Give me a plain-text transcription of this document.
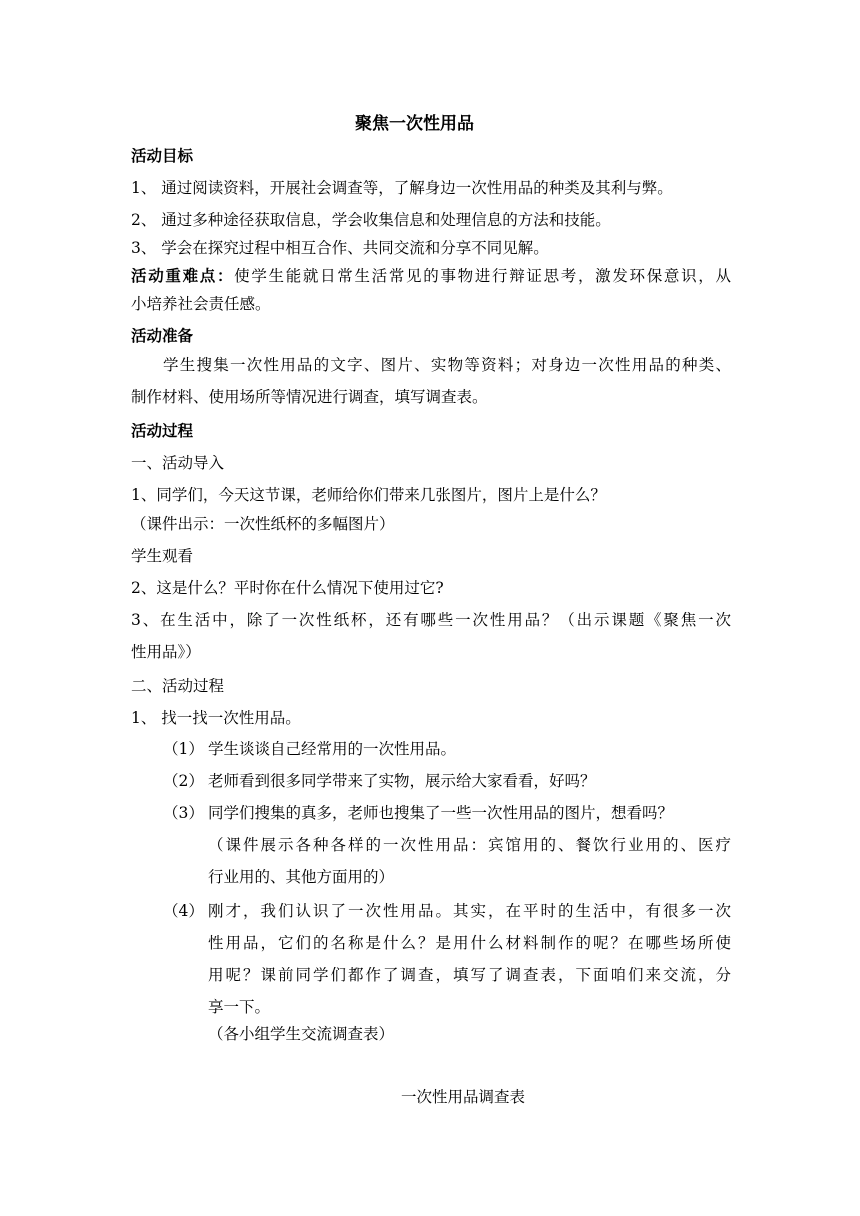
聚焦一次性用品
活动目标
1、 通过阅读资料，开展社会调查等，了解身边一次性用品的种类及其利与弊。
2、 通过多种途径获取信息，学会收集信息和处理信息的方法和技能。
3、 学会在探究过程中相互合作、共同交流和分享不同见解。
活动重难点：使学生能就日常生活常见的事物进行辩证思考，激发环保意识，从
小培养社会责任感。
活动准备
学生搜集一次性用品的文字、图片、实物等资料；对身边一次性用品的种类、
制作材料、使用场所等情况进行调查，填写调查表。
活动过程
一、活动导入
1、同学们，今天这节课，老师给你们带来几张图片，图片上是什么？
（课件出示：一次性纸杯的多幅图片）
学生观看
2、这是什么？平时你在什么情况下使用过它?
3、在生活中，除了一次性纸杯，还有哪些一次性用品？（出示课题《聚焦一次
性用品》）
二、活动过程
1、 找一找一次性用品。
（1） 学生谈谈自己经常用的一次性用品。
（2） 老师看到很多同学带来了实物，展示给大家看看，好吗？
（3） 同学们搜集的真多，老师也搜集了一些一次性用品的图片，想看吗？
（课件展示各种各样的一次性用品：宾馆用的、餐饮行业用的、医疗
行业用的、其他方面用的）
（4） 刚才，我们认识了一次性用品。其实，在平时的生活中，有很多一次
性用品，它们的名称是什么？是用什么材料制作的呢？在哪些场所使
用呢？课前同学们都作了调查，填写了调查表，下面咱们来交流，分
享一下。
（各小组学生交流调查表）
一次性用品调查表
